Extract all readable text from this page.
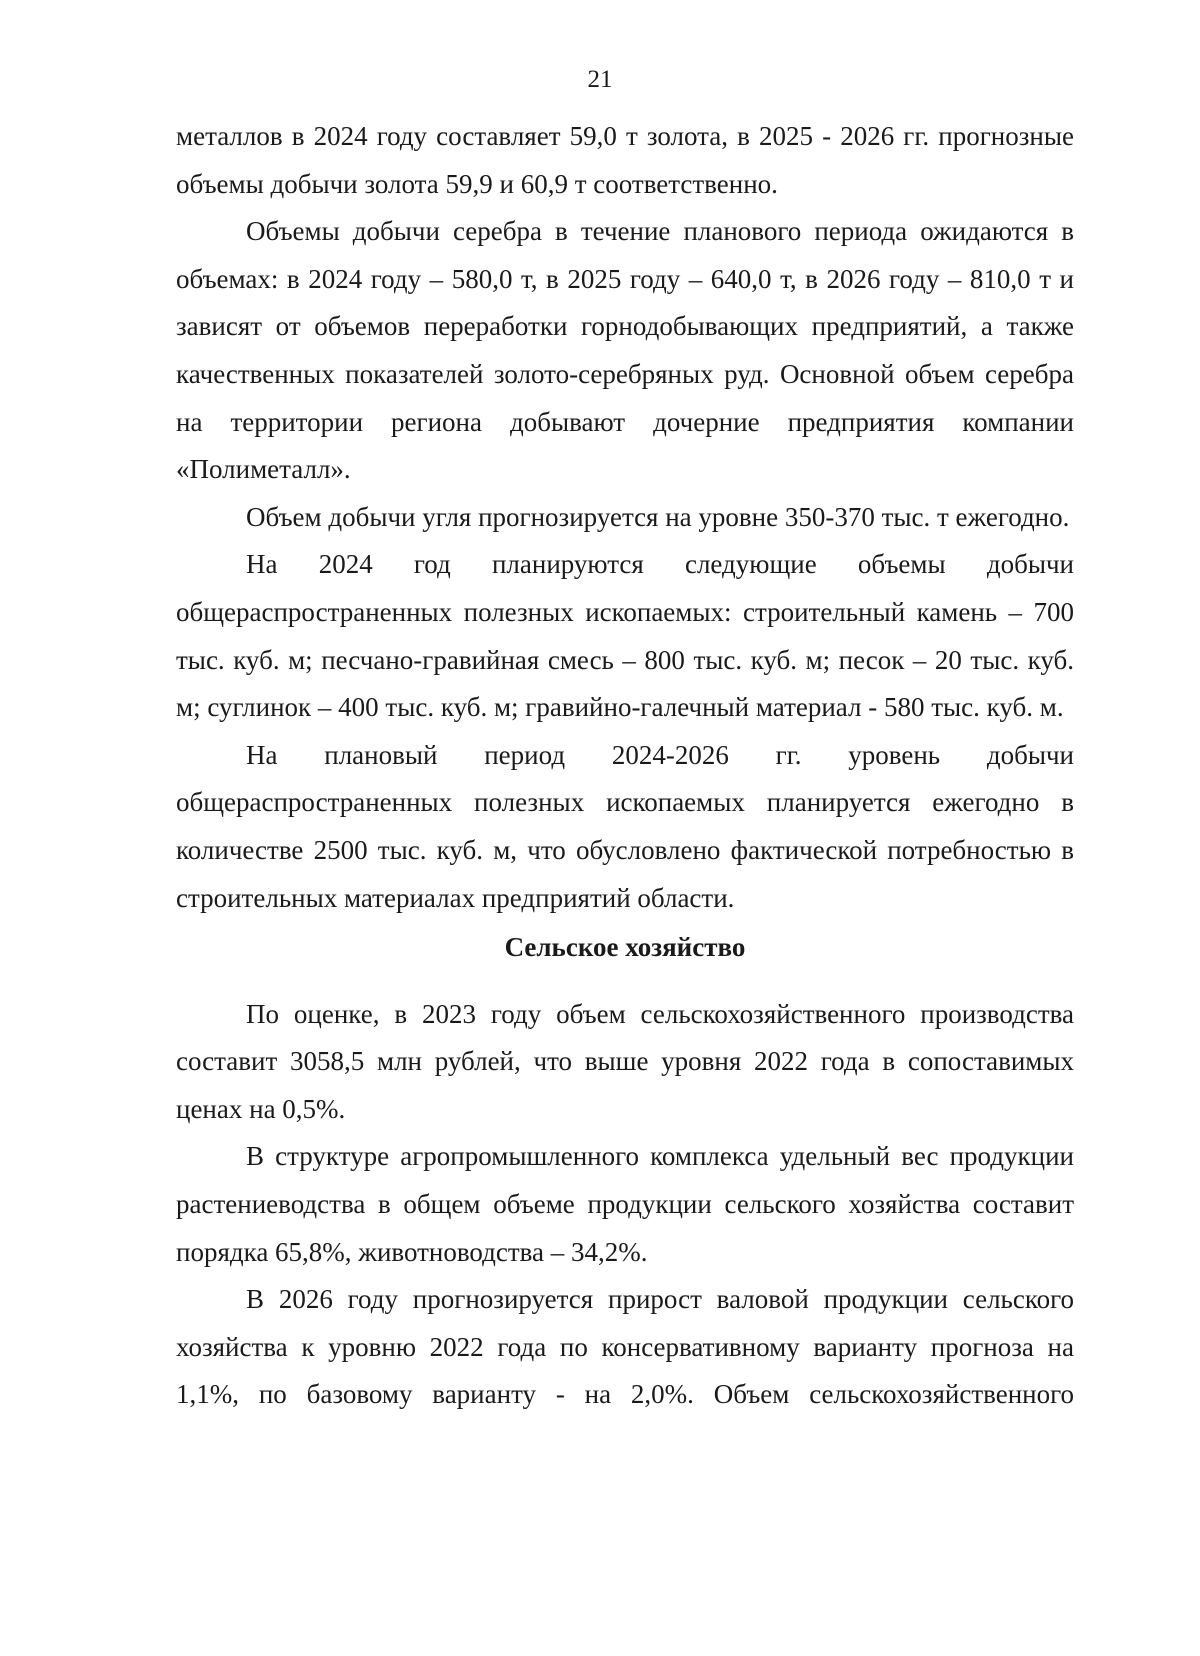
21

металлов в 2024 году составляет 59,0 т золота, в 2025 - 2026 гг. прогнозные объемы добычи золота 59,9 и 60,9 т соответственно.

Объемы добычи серебра в течение планового периода ожидаются в объемах: в 2024 году – 580,0 т, в 2025 году – 640,0 т, в 2026 году – 810,0 т и зависят от объемов переработки горнодобывающих предприятий, а также качественных показателей золото-серебряных руд. Основной объем серебра на территории региона добывают дочерние предприятия компании «Полиметалл».

Объем добычи угля прогнозируется на уровне 350-370 тыс. т ежегодно.

На 2024 год планируются следующие объемы добычи общераспространенных полезных ископаемых: строительный камень – 700 тыс. куб. м; песчано-гравийная смесь – 800 тыс. куб. м; песок – 20 тыс. куб. м; суглинок – 400 тыс. куб. м; гравийно-галечный материал - 580 тыс. куб. м.

На плановый период 2024-2026 гг. уровень добычи общераспространенных полезных ископаемых планируется ежегодно в количестве 2500 тыс. куб. м, что обусловлено фактической потребностью в строительных материалах предприятий области.

Сельское хозяйство

По оценке, в 2023 году объем сельскохозяйственного производства составит 3058,5 млн рублей, что выше уровня 2022 года в сопоставимых ценах на 0,5%.

В структуре агропромышленного комплекса удельный вес продукции растениеводства в общем объеме продукции сельского хозяйства составит порядка 65,8%, животноводства – 34,2%.

В 2026 году прогнозируется прирост валовой продукции сельского хозяйства к уровню 2022 года по консервативному варианту прогноза на 1,1%, по базовому варианту - на 2,0%. Объем сельскохозяйственного
